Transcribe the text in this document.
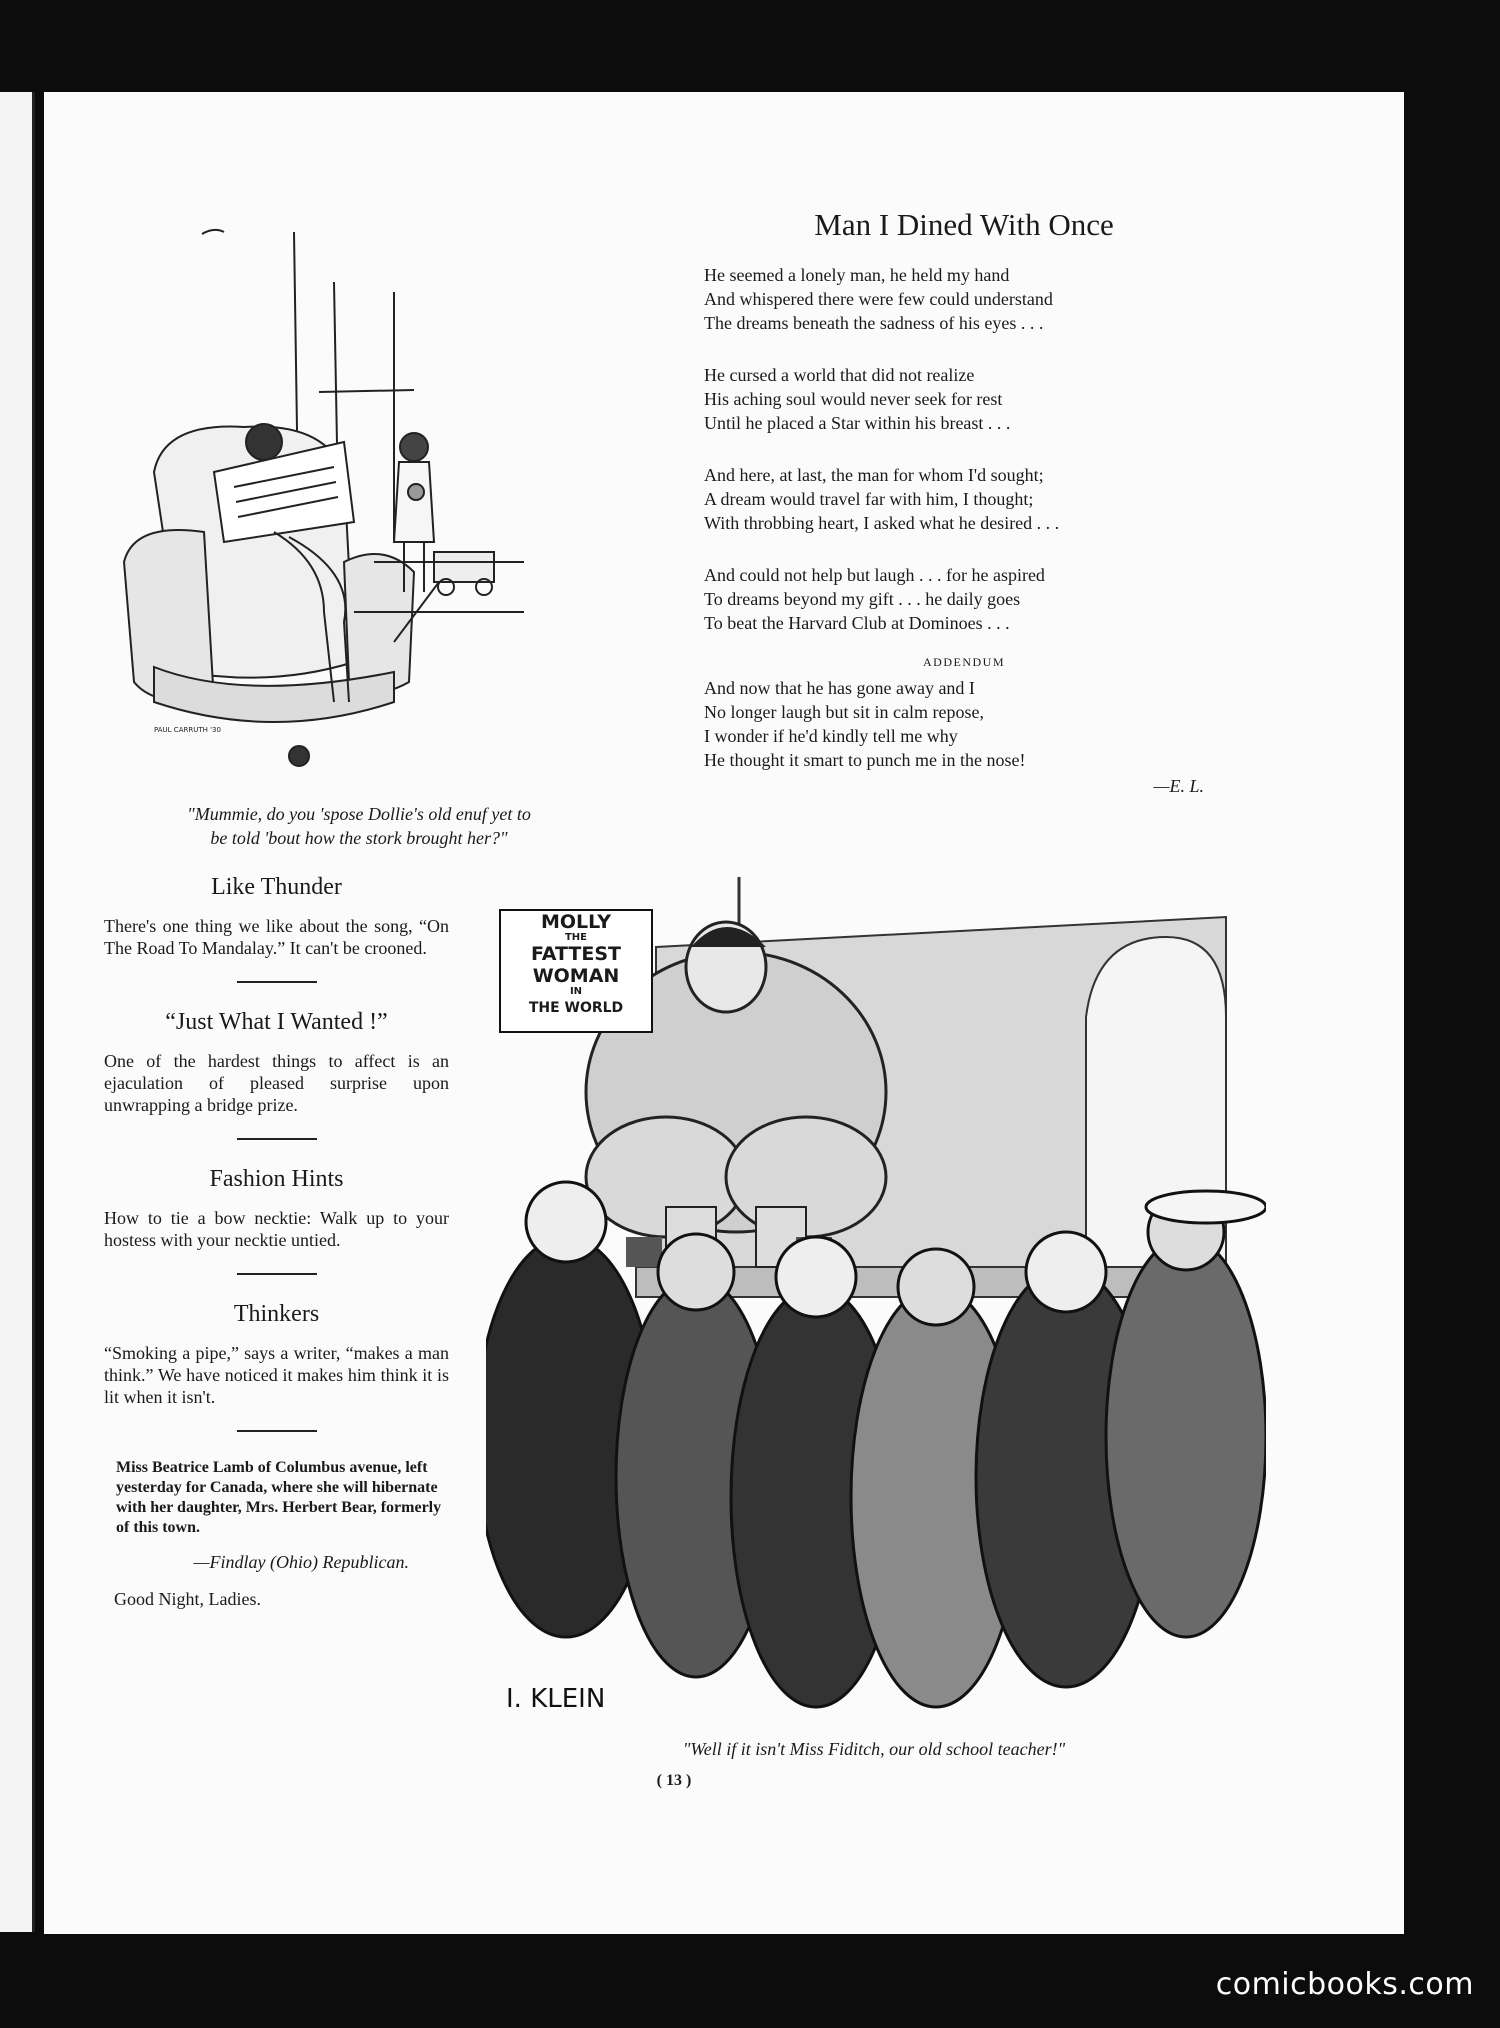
PAUL CARRUTH '30
"Mummie, do you 'spose Dollie's old enuf yet to
be told 'bout how the stork brought her?"
Man I Dined With Once
He seemed a lonely man, he held my hand
And whispered there were few could understand
The dreams beneath the sadness of his eyes . . .
He cursed a world that did not realize
His aching soul would never seek for rest
Until he placed a Star within his breast . . .
And here, at last, the man for whom I'd sought;
A dream would travel far with him, I thought;
With throbbing heart, I asked what he desired . . .
And could not help but laugh . . . for he aspired
To dreams beyond my gift . . . he daily goes
To beat the Harvard Club at Dominoes . . .
ADDENDUM
And now that he has gone away and I
No longer laugh but sit in calm repose,
I wonder if he'd kindly tell me why
He thought it smart to punch me in the nose!
—E. L.
Like Thunder

There's one thing we like about the song, “On The Road To Mandalay.” It can't be crooned.

“Just What I Wanted !”

One of the hardest things to affect is an ejaculation of pleased surprise upon unwrapping a bridge prize.

Fashion Hints

How to tie a bow necktie: Walk up to your hostess with your necktie untied.

Thinkers

“Smoking a pipe,” says a writer, “makes a man think.” We have noticed it makes him think it is lit when it isn't.

Miss Beatrice Lamb of Columbus avenue, left yesterday for Canada, where she will hibernate with her daughter, Mrs. Herbert Bear, formerly of this town.

—Findlay (Ohio) Republican.
Good Night, Ladies.
I. KLEIN
MOLLY
THE
FATTEST
WOMAN
IN
THE WORLD
"Well if it isn't Miss Fiditch, our old school teacher!"
( 13 )
comicbooks.com
